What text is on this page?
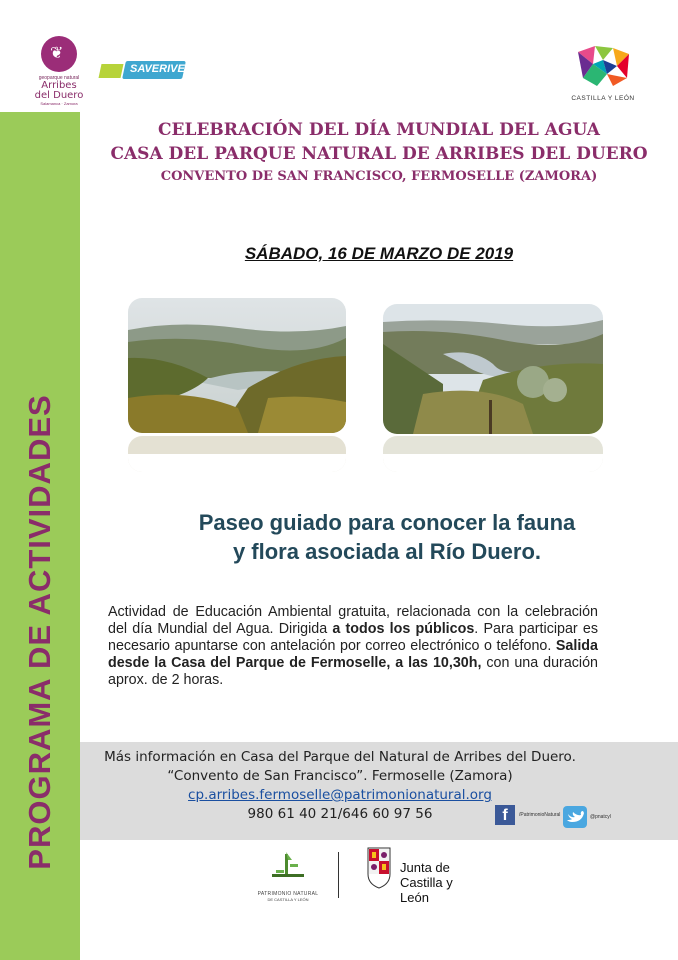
❦
geoparque natural
Arribes
del Duero
Salamanca · Zamora
SAVERIVERS
CASTILLA Y LEÓN
PROGRAMA DE ACTIVIDADES
CELEBRACIÓN DEL DÍA MUNDIAL DEL AGUA
CASA DEL PARQUE NATURAL DE ARRIBES DEL DUERO
CONVENTO DE SAN FRANCISCO, FERMOSELLE (ZAMORA)
SÁBADO, 16 DE MARZO DE 2019
Paseo guiado para conocer la fauna
y flora asociada al Río Duero.
Actividad de Educación Ambiental gratuita, relacionada con la celebración del día Mundial del Agua. Dirigida a todos los públicos. Para participar es necesario apuntarse con antelación por correo electrónico o teléfono. Salida desde la Casa del Parque de Fermoselle, a las 10,30h, con una duración aprox. de 2 horas.
Más información en Casa del Parque del Natural de Arribes del Duero.
“Convento de San Francisco”. Fermoselle (Zamora)
cp.arribes.fermoselle@patrimonionatural.org
980 61 40 21/646 60 97 56	f	/PatrimonioNatural	@pnatcyl
PATRIMONIO NATURAL
DE CASTILLA Y LEÓN
Junta de
Castilla y León
